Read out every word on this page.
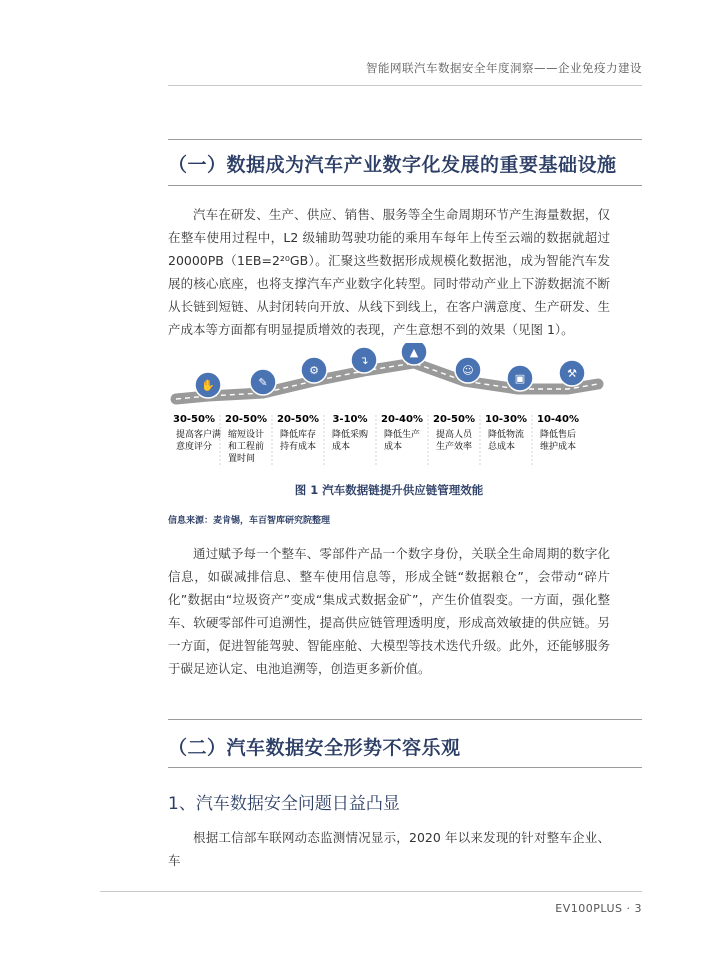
智能网联汽车数据安全年度洞察——企业免疫力建设
（一）数据成为汽车产业数字化发展的重要基础设施

汽车在研发、生产、供应、销售、服务等全生命周期环节产生海量数据，仅在整车使用过程中，L2 级辅助驾驶功能的乘用车每年上传至云端的数据就超过 20000PB（1EB=2²⁰GB）。汇聚这些数据形成规模化数据池，成为智能汽车发展的核心底座，也将支撑汽车产业数字化转型。同时带动产业上下游数据流不断从长链到短链、从封闭转向开放、从线下到线上，在客户满意度、生产研发、生产成本等方面都有明显提质增效的表现，产生意想不到的效果（见图 1）。

✋
30-50%
提高客户满
意度评分
✎
20-50%
缩短设计
和工程前
置时间
⚙
20-50%
降低库存
持有成本
↴
3-10%
降低采购
成本
▲
20-40%
降低生产
成本
☺
20-50%
提高人员
生产效率
▣
10-30%
降低物流
总成本
⚒
10-40%
降低售后
维护成本
图 1 汽车数据链提升供应链管理效能
信息来源：麦肯锡，车百智库研究院整理

通过赋予每一个整车、零部件产品一个数字身份，关联全生命周期的数字化信息，如碳减排信息、整车使用信息等，形成全链“数据粮仓”，会带动“碎片化”数据由“垃圾资产”变成“集成式数据金矿”，产生价值裂变。一方面，强化整车、软硬零部件可追溯性，提高供应链管理透明度，形成高效敏捷的供应链。另一方面，促进智能驾驶、智能座舱、大模型等技术迭代升级。此外，还能够服务于碳足迹认定、电池追溯等，创造更多新价值。

（二）汽车数据安全形势不容乐观
1、汽车数据安全问题日益凸显

根据工信部车联网动态监测情况显示，2020 年以来发现的针对整车企业、车

EV100PLUS · 3
